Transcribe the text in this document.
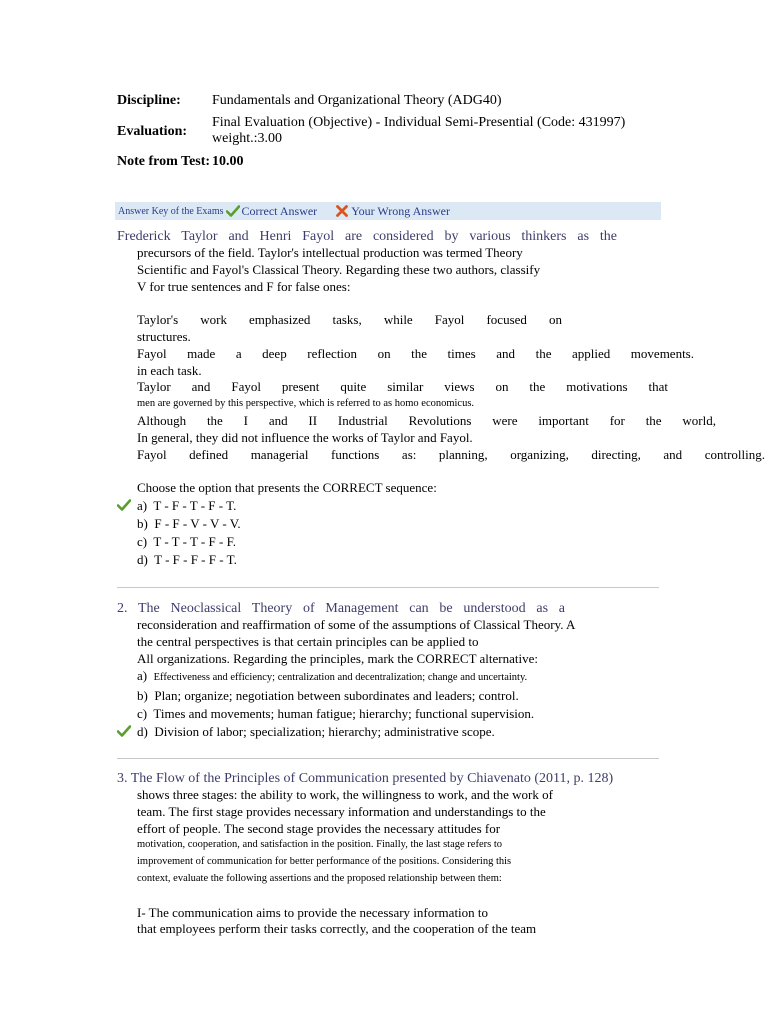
Discipline:	Fundamentals and Organizational Theory (ADG40)
Evaluation:
Final Evaluation (Objective) - Individual Semi-Presential (Code: 431997)
weight.:3.00
Note from Test: 10.00
Answer Key of the Exams Correct Answer	Your Wrong Answer
Frederick Taylor and Henri Fayol are considered by various thinkers as the
precursors of the field. Taylor's intellectual production was termed Theory
Scientific and Fayol's Classical Theory. Regarding these two authors, classify
V for true sentences and F for false ones:
Taylor's work emphasized tasks, while Fayol focused on
structures.
Fayol made a deep reflection on the times and the applied movements.
in each task.
Taylor and Fayol present quite similar views on the motivations that
men are governed by this perspective, which is referred to as homo economicus.
Although the I and II Industrial Revolutions were important for the world,
In general, they did not influence the works of Taylor and Fayol.
Fayol defined managerial functions as: planning, organizing, directing, and controlling.
Choose the option that presents the CORRECT sequence:
a) T - F - T - F - T.
b) F - F - V - V - V.
c) T - T - T - F - F.
d) T - F - F - F - T.
2. The Neoclassical Theory of Management can be understood as a
reconsideration and reaffirmation of some of the assumptions of Classical Theory. A
the central perspectives is that certain principles can be applied to
All organizations. Regarding the principles, mark the CORRECT alternative:
a) Effectiveness and efficiency; centralization and decentralization; change and uncertainty.
b) Plan; organize; negotiation between subordinates and leaders; control.
c) Times and movements; human fatigue; hierarchy; functional supervision.
d) Division of labor; specialization; hierarchy; administrative scope.
3. The Flow of the Principles of Communication presented by Chiavenato (2011, p. 128)
shows three stages: the ability to work, the willingness to work, and the work of
team. The first stage provides necessary information and understandings to the
effort of people. The second stage provides the necessary attitudes for
motivation, cooperation, and satisfaction in the position. Finally, the last stage refers to
improvement of communication for better performance of the positions. Considering this
context, evaluate the following assertions and the proposed relationship between them:
I- The communication aims to provide the necessary information to
that employees perform their tasks correctly, and the cooperation of the team
